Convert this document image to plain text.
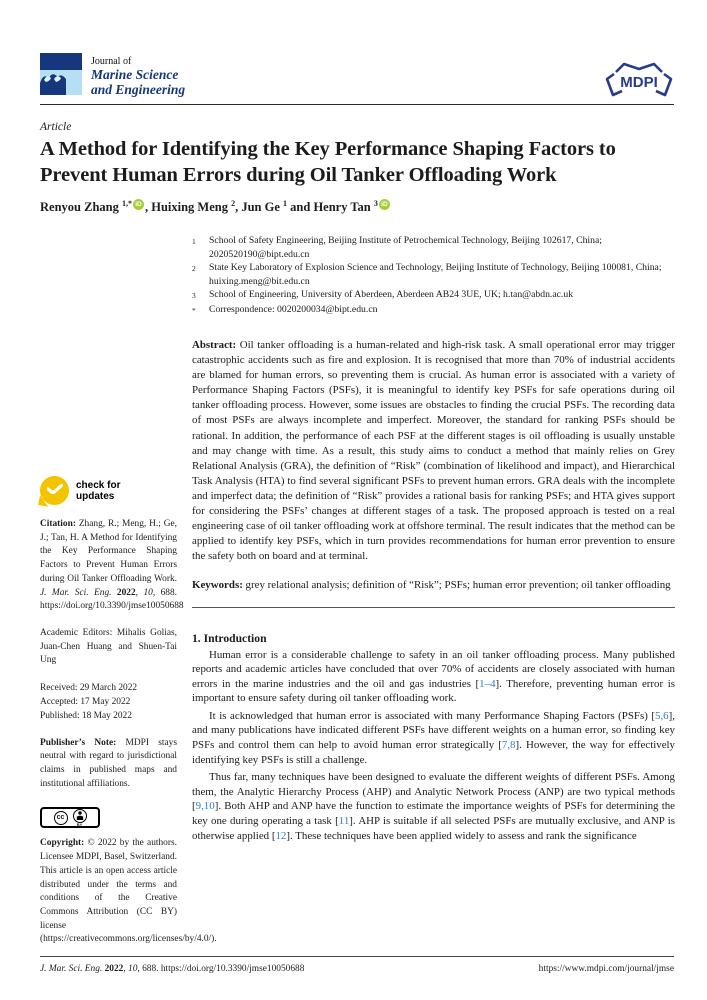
Journal of
Marine Science
and Engineering	MDPI
Article
A Method for Identifying the Key Performance Shaping Factors to Prevent Human Errors during Oil Tanker Offloading Work
Renyou Zhang $^{1,*}$ iD , Huixing Meng $^2$, Jun Ge $^1$ and Henry Tan $^3$ iD
1	School of Safety Engineering, Beijing Institute of Petrochemical Technology, Beijing 102617, China; 2020520190@bipt.edu.cn
2	State Key Laboratory of Explosion Science and Technology, Beijing Institute of Technology, Beijing 100081, China; huixing.meng@bit.edu.cn
3	School of Engineering, University of Aberdeen, Aberdeen AB24 3UE, UK; h.tan@abdn.ac.uk
*	Correspondence: 0020200034@bipt.edu.cn

Abstract: Oil tanker offloading is a human-related and high-risk task. A small operational error may trigger catastrophic accidents such as fire and explosion. It is recognised that more than 70% of industrial accidents are blamed for human errors, so preventing them is crucial. As human error is associated with a variety of Performance Shaping Factors (PSFs), it is meaningful to identify key PSFs for safe operations during oil tanker offloading process. However, some issues are obstacles to finding the crucial PSFs. The recording data of most PSFs are always incomplete and imperfect. Moreover, the standard for ranking PSFs should be rational. In addition, the performance of each PSF at the different stages is oil offloading is usually unstable and may change with time. As a result, this study aims to conduct a method that mainly relies on Grey Relational Analysis (GRA), the definition of “Risk” (combination of likelihood and impact), and Hierarchical Task Analysis (HTA) to find several significant PSFs to prevent human errors. GRA deals with the incomplete and imperfect data; the definition of “Risk” provides a rational basis for ranking PSFs; and HTA gives support for considering the PSFs’ changes at different stages of a task. The proposed approach is tested on a real engineering case of oil tanker offloading work at offshore terminal. The result indicates that the method can be applied to identify key PSFs, which in turn provides recommendations for human error prevention to ensure the safety both on board and at terminal.

Keywords: grey relational analysis; definition of “Risk”; PSFs; human error prevention; oil tanker offloading

1. Introduction

Human error is a considerable challenge to safety in an oil tanker offloading process. Many published reports and academic articles have concluded that over 70% of accidents are closely associated with human errors in the marine industries and the oil and gas industries [1–4]. Therefore, preventing human error is important to ensure safety during oil tanker offloading work.

It is acknowledged that human error is associated with many Performance Shaping Factors (PSFs) [5,6], and many publications have indicated different PSFs have different weights on a human error, so finding key PSFs and control them can help to avoid human error strategically [7,8]. However, the way for effectively identifying key PSFs is still a challenge.

Thus far, many techniques have been designed to evaluate the different weights of different PSFs. Among them, the Analytic Hierarchy Process (AHP) and Analytic Network Process (ANP) are two typical methods [9,10]. Both AHP and ANP have the function to estimate the importance weights of PSFs for determining the key one during operating a task [11]. AHP is suitable if all selected PSFs are mutually exclusive, and ANP is otherwise applied [12]. These techniques have been applied widely to assess and rank the significance

check for
updates

Citation: Zhang, R.; Meng, H.; Ge, J.; Tan, H. A Method for Identifying the Key Performance Shaping Factors to Prevent Human Errors during Oil Tanker Offloading Work. J. Mar. Sci. Eng. 2022, 10, 688. https://doi.org/10.3390/jmse10050688

Academic Editors: Mihalis Golias, Juan-Chen Huang and Shuen-Tai Ung

Received: 29 March 2022
Accepted: 17 May 2022
Published: 18 May 2022

Publisher’s Note: MDPI stays neutral with regard to jurisdictional claims in published maps and institutional affiliations.

cc
BY

Copyright: © 2022 by the authors. Licensee MDPI, Basel, Switzerland. This article is an open access article distributed under the terms and conditions of the Creative Commons Attribution (CC BY) license (https://creativecommons.org/licenses/by/4.0/).

J. Mar. Sci. Eng. 2022, 10, 688. https://doi.org/10.3390/jmse10050688	https://www.mdpi.com/journal/jmse
